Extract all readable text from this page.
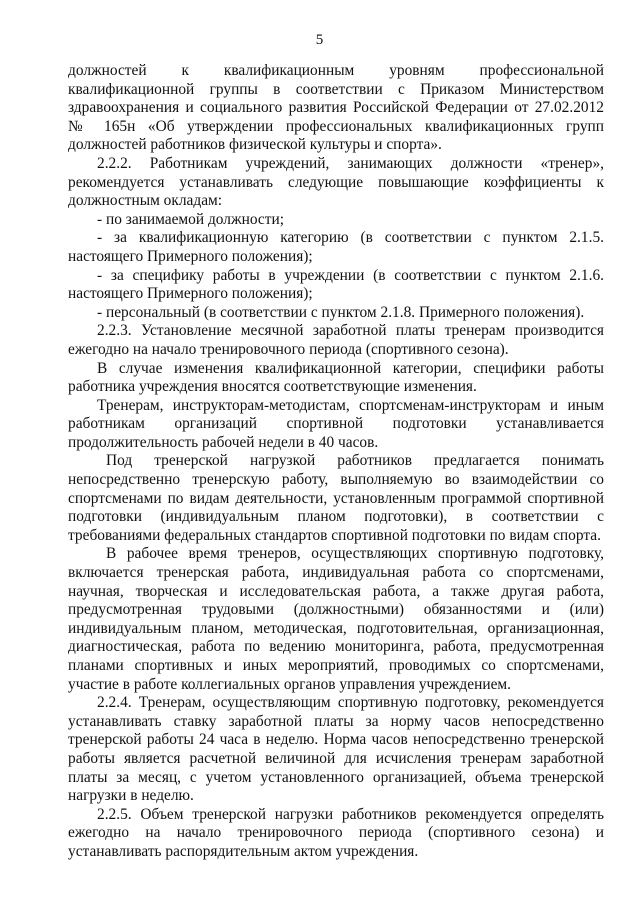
5

должностей к квалификационным уровням профессиональной квалификационной группы в соответствии с Приказом Министерством здравоохранения и социального развития Российской Федерации от 27.02.2012 № 165н «Об утверждении профессиональных квалификационных групп должностей работников физической культуры и спорта».

2.2.2. Работникам учреждений, занимающих должности «тренер», рекомендуется устанавливать следующие повышающие коэффициенты к должностным окладам:

- по занимаемой должности;

- за квалификационную категорию (в соответствии с пунктом 2.1.5. настоящего Примерного положения);

- за специфику работы в учреждении (в соответствии с пунктом 2.1.6. настоящего Примерного положения);

- персональный (в соответствии с пунктом 2.1.8. Примерного положения).

2.2.3. Установление месячной заработной платы тренерам производится ежегодно на начало тренировочного периода (спортивного сезона).

В случае изменения квалификационной категории, специфики работы работника учреждения вносятся соответствующие изменения.

Тренерам, инструкторам-методистам, спортсменам-инструкторам и иным работникам организаций спортивной подготовки устанавливается продолжительность рабочей недели в 40 часов.

Под тренерской нагрузкой работников предлагается понимать непосредственно тренерскую работу, выполняемую во взаимодействии со спортсменами по видам деятельности, установленным программой спортивной подготовки (индивидуальным планом подготовки), в соответствии с требованиями федеральных стандартов спортивной подготовки по видам спорта.

В рабочее время тренеров, осуществляющих спортивную подготовку, включается тренерская работа, индивидуальная работа со спортсменами, научная, творческая и исследовательская работа, а также другая работа, предусмотренная трудовыми (должностными) обязанностями и (или) индивидуальным планом, методическая, подготовительная, организационная, диагностическая, работа по ведению мониторинга, работа, предусмотренная планами спортивных и иных мероприятий, проводимых со спортсменами, участие в работе коллегиальных органов управления учреждением.

2.2.4. Тренерам, осуществляющим спортивную подготовку, рекомендуется устанавливать ставку заработной платы за норму часов непосредственно тренерской работы 24 часа в неделю. Норма часов непосредственно тренерской работы является расчетной величиной для исчисления тренерам заработной платы за месяц, с учетом установленного организацией, объема тренерской нагрузки в неделю.

2.2.5. Объем тренерской нагрузки работников рекомендуется определять ежегодно на начало тренировочного периода (спортивного сезона) и устанавливать распорядительным актом учреждения.
